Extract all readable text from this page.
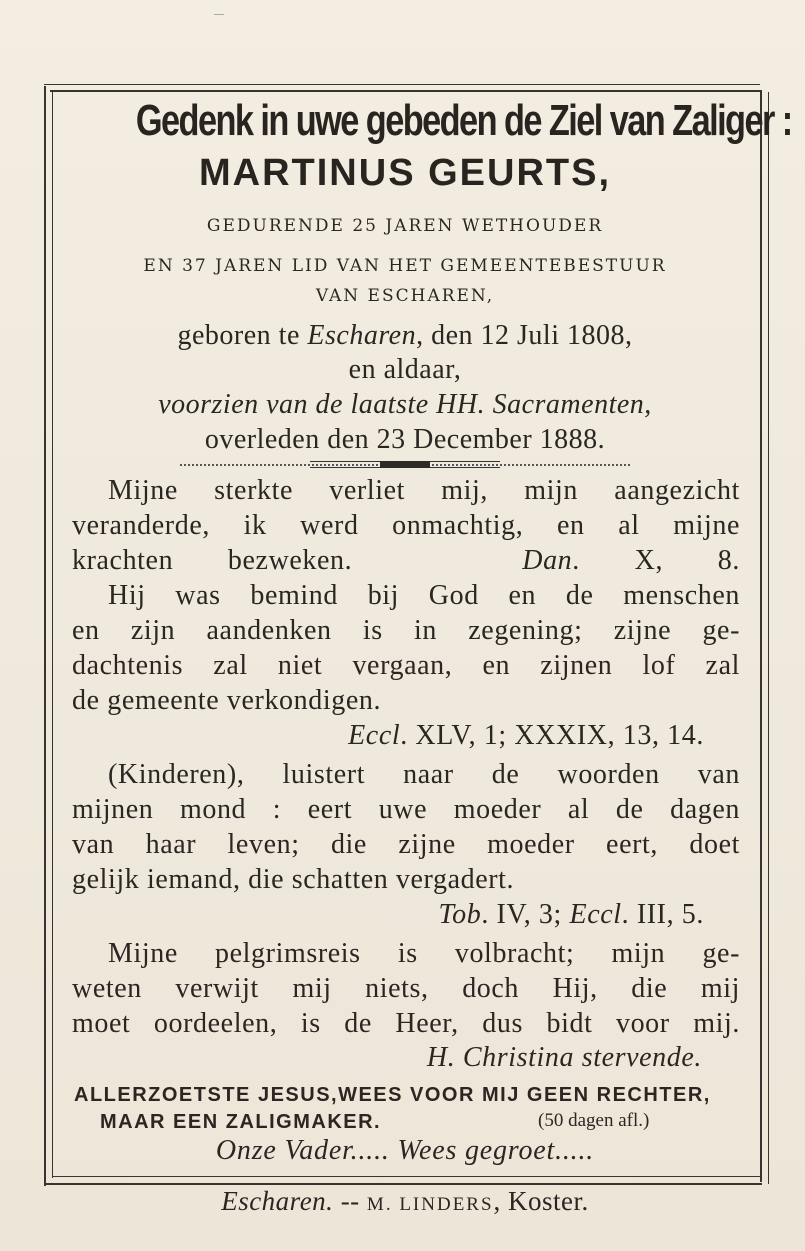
Gedenk in uwe gebeden de Ziel van Zaliger :
MARTINUS GEURTS,
GEDURENDE 25 JAREN WETHOUDER
EN 37 JAREN LID VAN HET GEMEENTEBESTUUR
VAN ESCHAREN,
geboren te Escharen, den 12 Juli 1808,
en aldaar,
voorzien van de laatste HH. Sacramenten,
overleden den 23 December 1888.
Mijne sterkte verliet mij, mijn aangezicht
veranderde, ik werd onmachtig, en al mijne
krachten bezweken.	Dan. X, 8.
Hij was bemind bij God en de menschen
en zijn aandenken is in zegening; zijne ge-
dachtenis zal niet vergaan, en zijnen lof zal
de gemeente verkondigen.
Eccl. XLV, 1; XXXIX, 13, 14.
(Kinderen), luistert naar de woorden van
mijnen mond : eert uwe moeder al de dagen
van haar leven; die zijne moeder eert, doet
gelijk iemand, die schatten vergadert.
Tob. IV, 3; Eccl. III, 5.
Mijne pelgrimsreis is volbracht; mijn ge-
weten verwijt mij niets, doch Hij, die mij
moet oordeelen, is de Heer, dus bidt voor mij.
H. Christina stervende.
ALLERZOETSTE JESUS,WEES VOOR MIJ GEEN RECHTER,
MAAR EEN ZALIGMAKER.	(50 dagen afl.)
Onze Vader..... Wees gegroet.....
Escharen. -- M. LINDERS, Koster.
